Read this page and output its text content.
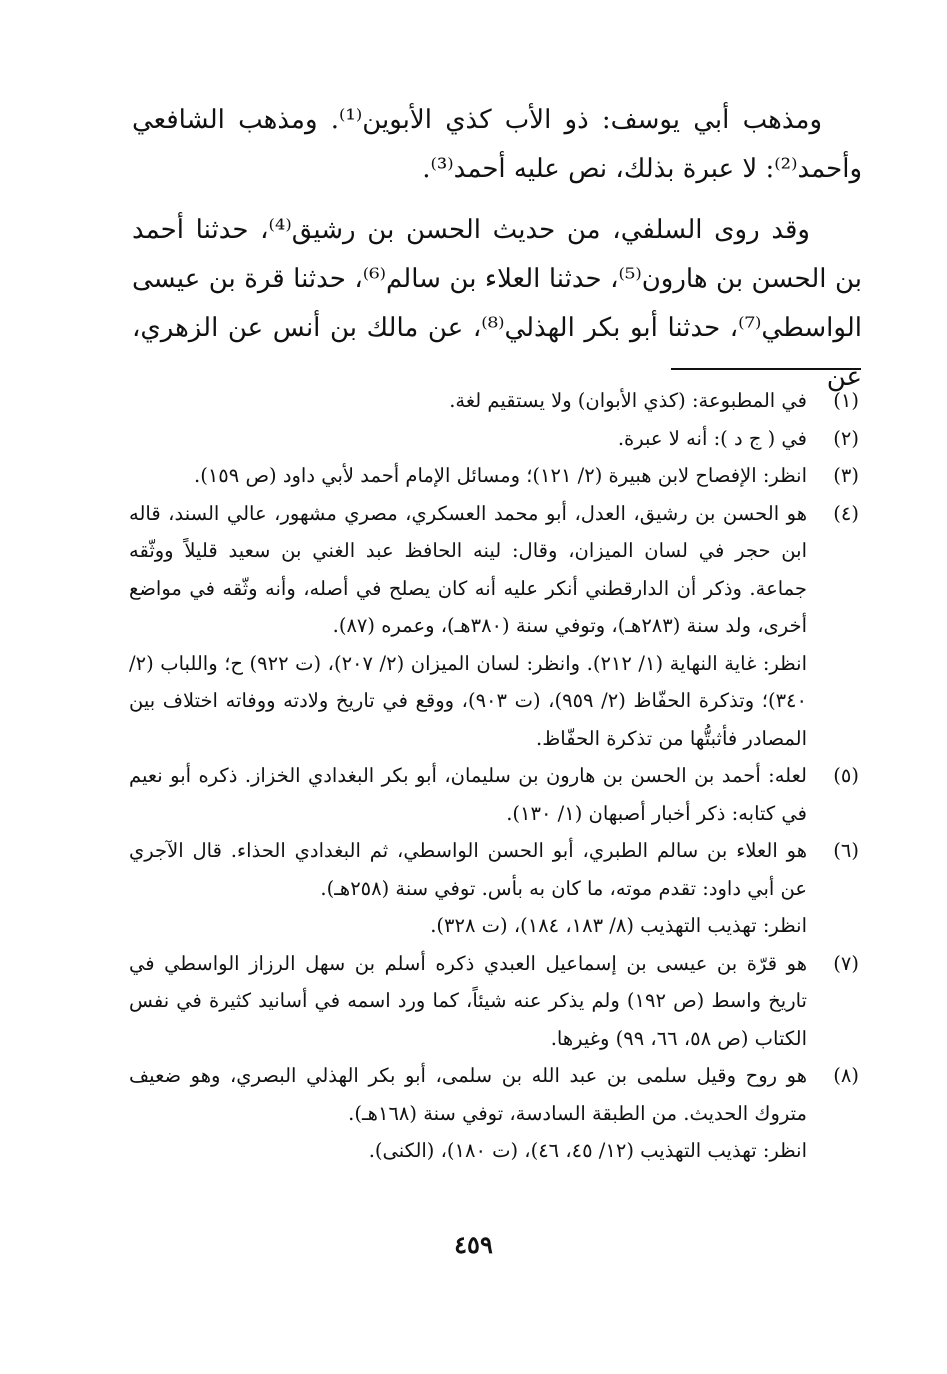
ومذهب أبي يوسف: ذو الأب كذي الأبوين⁽¹⁾. ومذهب الشافعي وأحمد⁽²⁾: لا عبرة بذلك، نص عليه أحمد⁽³⁾.

وقد روى السلفي، من حديث الحسن بن رشيق⁽⁴⁾، حدثنا أحمد بن الحسن بن هارون⁽⁵⁾، حدثنا العلاء بن سالم⁽⁶⁾، حدثنا قرة بن عيسى الواسطي⁽⁷⁾، حدثنا أبو بكر الهذلي⁽⁸⁾، عن مالك بن أنس عن الزهري، عن

(١)
في المطبوعة: (كذي الأبوان) ولا يستقيم لغة.
(٢)
في ( ج د ): أنه لا عبرة.
(٣)
انظر: الإفصاح لابن هبيرة (٢/ ١٢١)؛ ومسائل الإمام أحمد لأبي داود (ص ١٥٩).
(٤)
هو الحسن بن رشيق، العدل، أبو محمد العسكري، مصري مشهور، عالي السند، قاله ابن حجر في لسان الميزان، وقال: لينه الحافظ عبد الغني بن سعيد قليلاً ووثّقه جماعة. وذكر أن الدارقطني أنكر عليه أنه كان يصلح في أصله، وأنه وثّقه في مواضع أخرى، ولد سنة (٢٨٣هـ)، وتوفي سنة (٣٨٠هـ)، وعمره (٨٧).
انظر: غاية النهاية (١/ ٢١٢). وانظر: لسان الميزان (٢/ ٢٠٧)، (ت ٩٢٢) ح؛ واللباب (٢/ ٣٤٠)؛ وتذكرة الحفّاظ (٢/ ٩٥٩)، (ت ٩٠٣)، ووقع في تاريخ ولادته ووفاته اختلاف بين المصادر فأثبتُّها من تذكرة الحفّاظ.
(٥)
لعله: أحمد بن الحسن بن هارون بن سليمان، أبو بكر البغدادي الخزاز. ذكره أبو نعيم في كتابه: ذكر أخبار أصبهان (١/ ١٣٠).
(٦)
هو العلاء بن سالم الطبري، أبو الحسن الواسطي، ثم البغدادي الحذاء. قال الآجري عن أبي داود: تقدم موته، ما كان به بأس. توفي سنة (٢٥٨هـ).
انظر: تهذيب التهذيب (٨/ ١٨٣، ١٨٤)، (ت ٣٢٨).
(٧)
هو قرّة بن عيسى بن إسماعيل العبدي ذكره أسلم بن سهل الرزاز الواسطي في تاريخ واسط (ص ١٩٢) ولم يذكر عنه شيئاً، كما ورد اسمه في أسانيد كثيرة في نفس الكتاب (ص ٥٨، ٦٦، ٩٩) وغيرها.
(٨)
هو روح وقيل سلمى بن عبد الله بن سلمى، أبو بكر الهذلي البصري، وهو ضعيف متروك الحديث. من الطبقة السادسة، توفي سنة (١٦٨هـ).
انظر: تهذيب التهذيب (١٢/ ٤٥، ٤٦)، (ت ١٨٠)، (الكنى).
٤٥٩
